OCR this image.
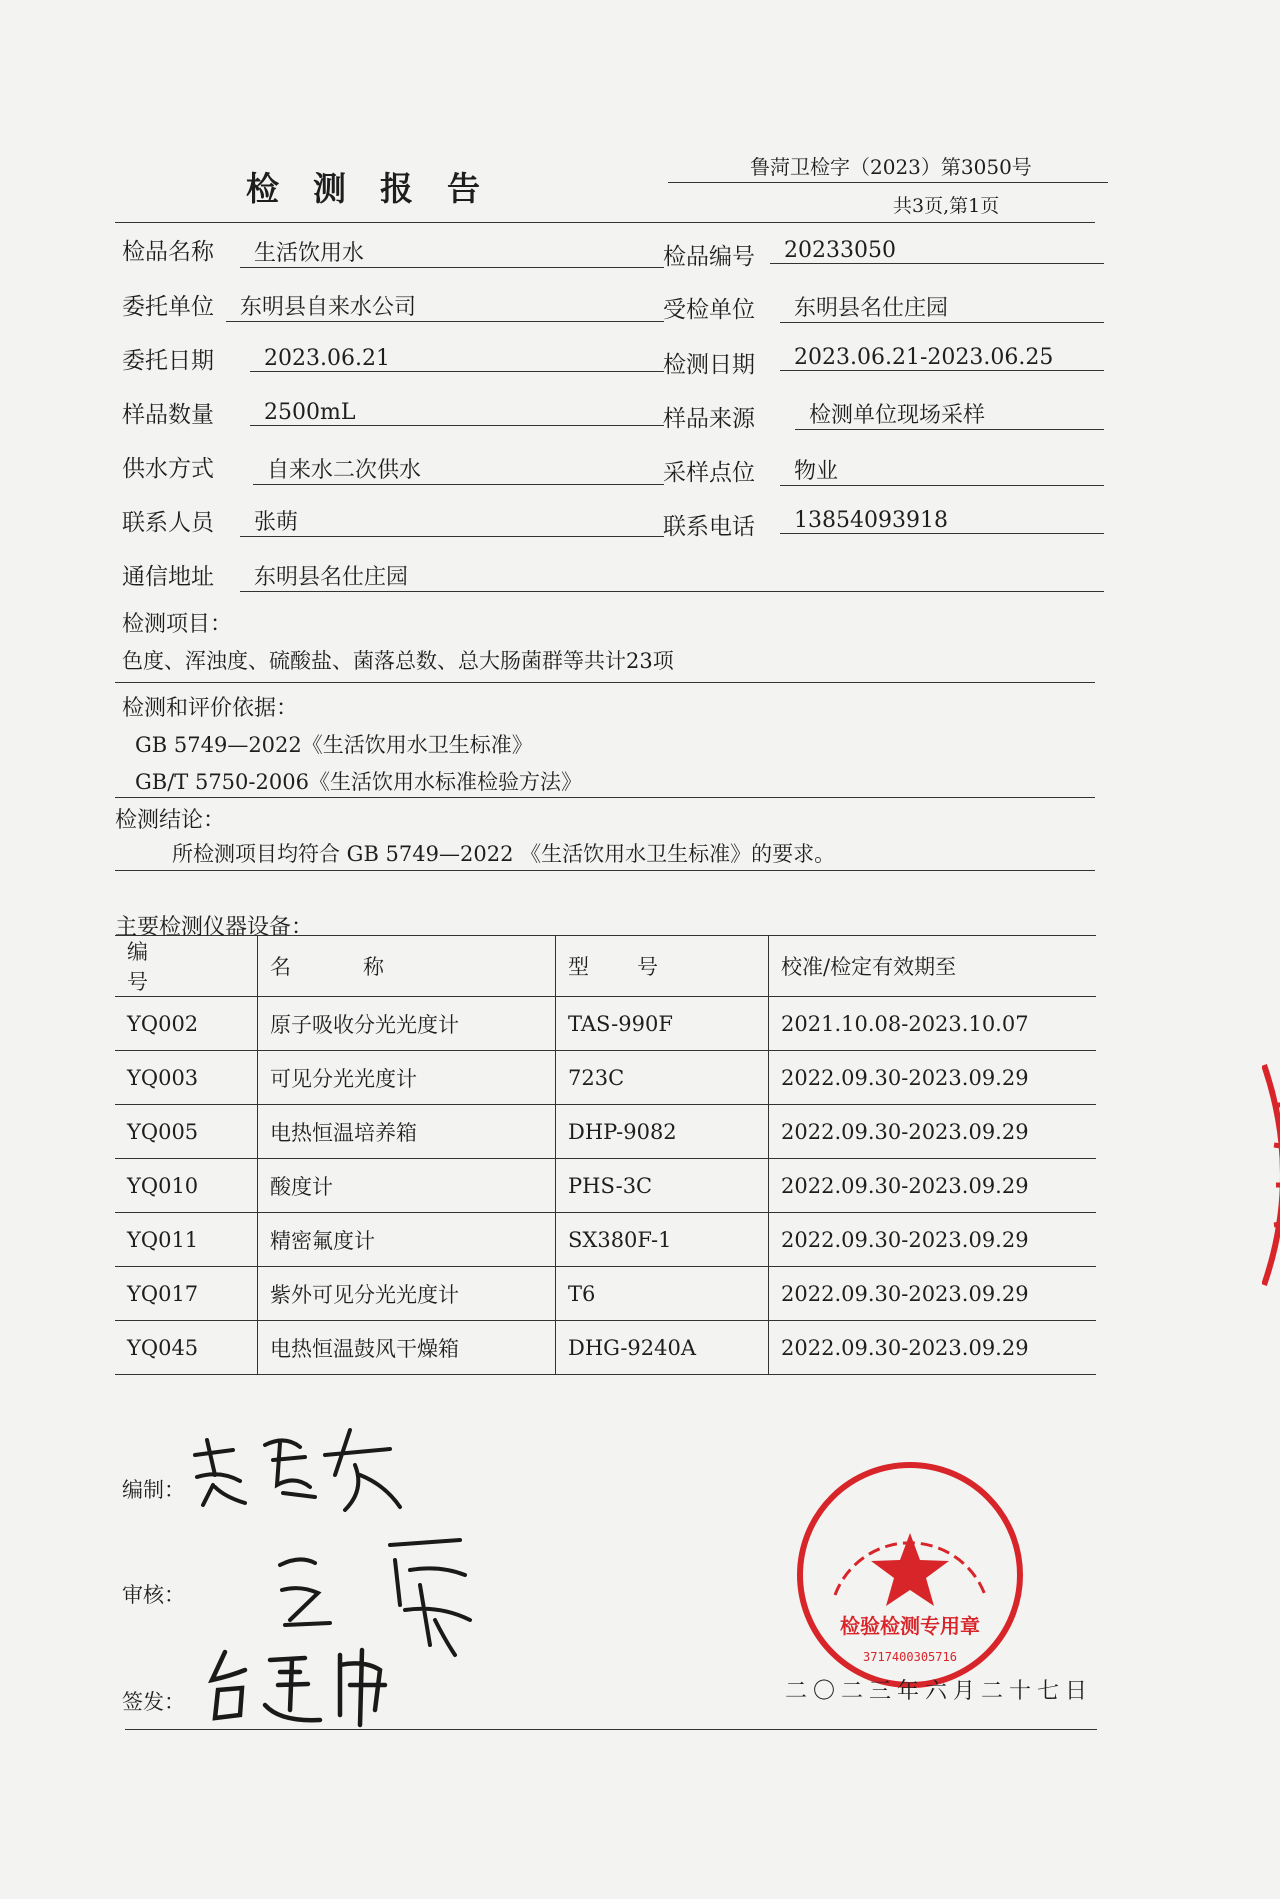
检测报告
鲁菏卫检字（2023）第3050号
共3页,第1页
检品名称	生活饮用水	检品编号	20233050
委托单位	东明县自来水公司	受检单位	东明县名仕庄园
委托日期	2023.06.21	检测日期	2023.06.21-2023.06.25
样品数量	2500mL	样品来源	检测单位现场采样
供水方式	自来水二次供水	采样点位	物业
联系人员	张萌	联系电话	13854093918
通信地址	东明县名仕庄园
检测项目：
色度、浑浊度、硫酸盐、菌落总数、总大肠菌群等共计23项
检测和评价依据：
GB 5749—2022《生活饮用水卫生标准》
GB/T 5750-2006《生活饮用水标准检验方法》
检测结论：
所检测项目均符合 GB 5749—2022 《生活饮用水卫生标准》的要求。
主要检测仪器设备：
编号	名称	型号	校准/检定有效期至
YQ002	原子吸收分光光度计	TAS-990F	2021.10.08-2023.10.07
YQ003	可见分光光度计	723C	2022.09.30-2023.09.29
YQ005	电热恒温培养箱	DHP-9082	2022.09.30-2023.09.29
YQ010	酸度计	PHS-3C	2022.09.30-2023.09.29
YQ011	精密氟度计	SX380F-1	2022.09.30-2023.09.29
YQ017	紫外可见分光光度计	T6	2022.09.30-2023.09.29
YQ045	电热恒温鼓风干燥箱	DHG-9240A	2022.09.30-2023.09.29
编制：
审核：
签发：
检验检测专用章
3717400305716
二〇二三年六月二十七日
